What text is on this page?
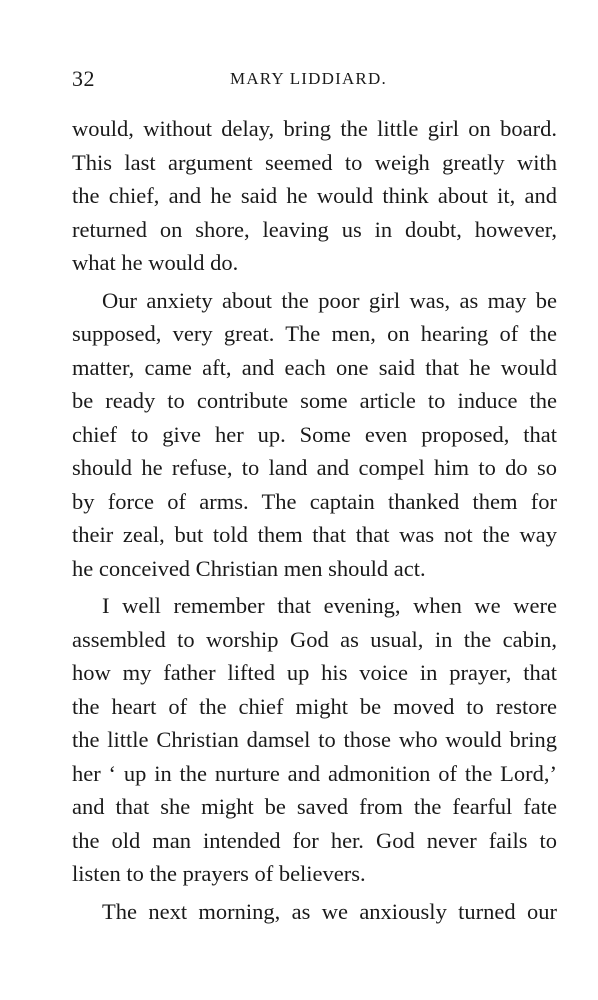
32	MARY LIDDIARD.

would, without delay, bring the little girl on board.
This last argument seemed to weigh greatly with
the chief, and he said he would think about it, and
returned on shore, leaving us in doubt, however,
what he would do.

Our anxiety about the poor girl was, as may be
supposed, very great. The men, on hearing of the
matter, came aft, and each one said that he would
be ready to contribute some article to induce the
chief to give her up. Some even proposed, that
should he refuse, to land and compel him to do so
by force of arms. The captain thanked them for
their zeal, but told them that that was not the way
he conceived Christian men should act.

I well remember that evening, when we were
assembled to worship God as usual, in the cabin,
how my father lifted up his voice in prayer, that
the heart of the chief might be moved to restore
the little Christian damsel to those who would bring
her ‘ up in the nurture and admonition of the Lord,’
and that she might be saved from the fearful fate
the old man intended for her. God never fails to
listen to the prayers of believers.

The next morning, as we anxiously turned our
